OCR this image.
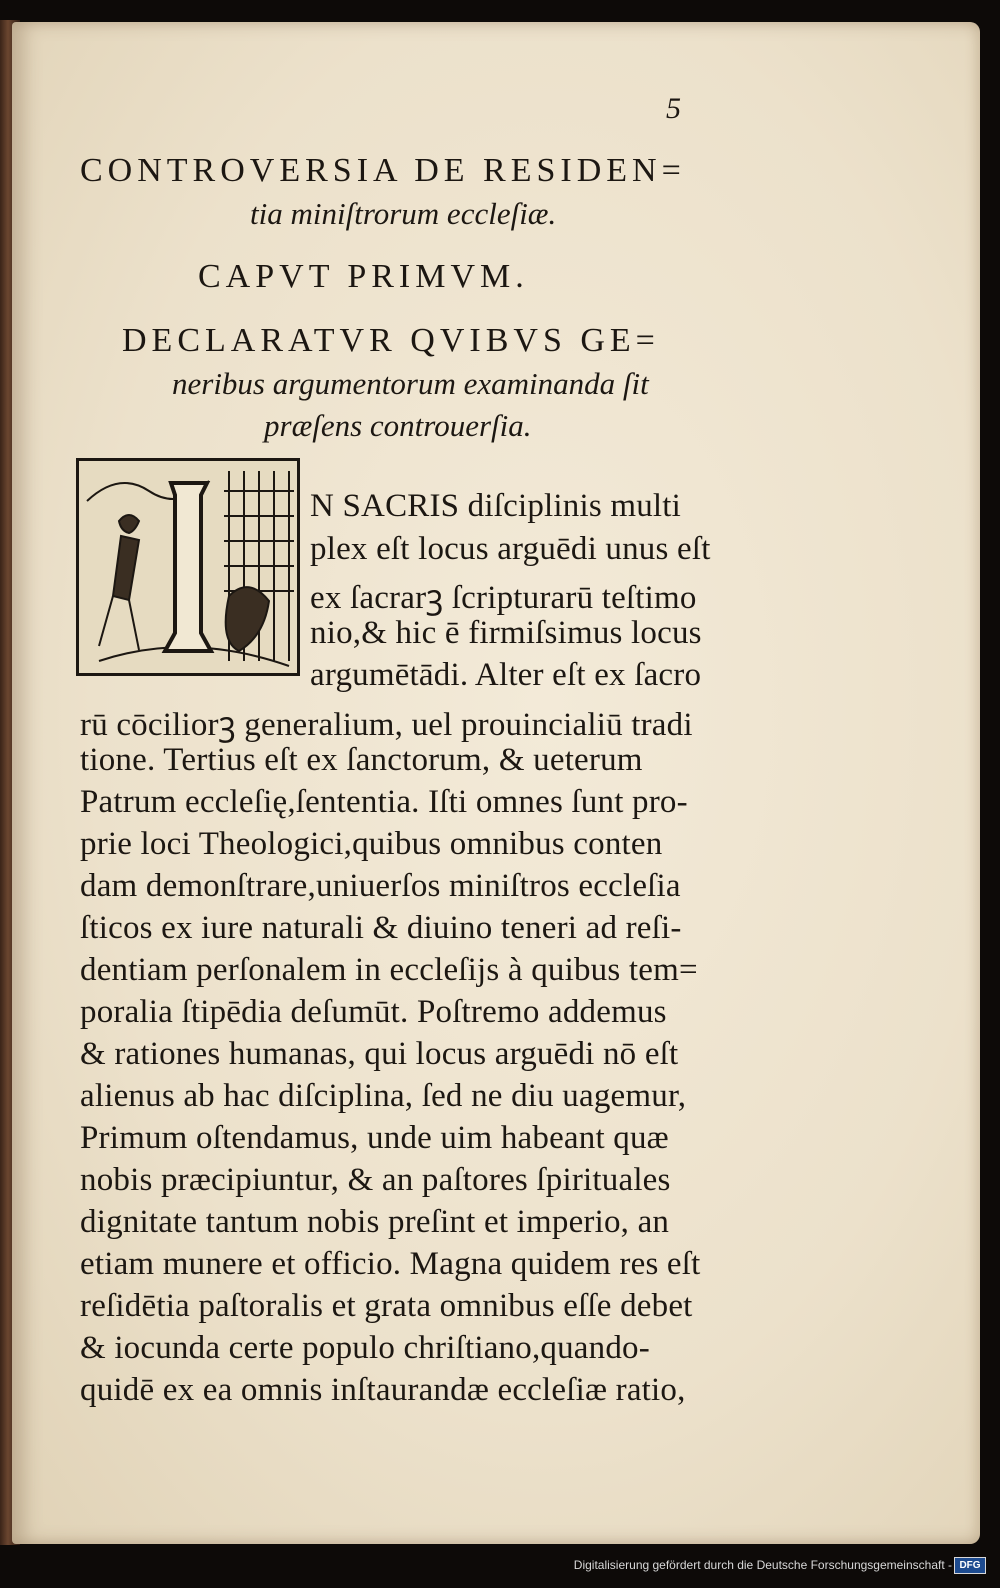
5
CONTROVERSIA DE RESIDEN=
tia miniſtrorum eccleſiæ.
CAPVT PRIMVM.
DECLARATVR QVIBVS GE=
neribus argumentorum examinanda ſit
præſens controuerſia.
N SACRIS diſciplinis multi
plex eſt locus arguēdi unus eſt
ex ſacrarꝫ ſcripturarū teſtimo
nio,& hic ē firmiſsimus locus
argumētādi. Alter eſt ex ſacro
rū cōciliorꝫ generalium, uel prouincialiū tradi
tione. Tertius eſt ex ſanctorum, & ueterum
Patrum eccleſię,ſententia. Iſti omnes ſunt pro-
prie loci Theologici,quibus omnibus conten
dam demonſtrare,uniuerſos miniſtros eccleſia
ſticos ex iure naturali & diuino teneri ad reſi-
dentiam perſonalem in eccleſijs à quibus tem=
poralia ſtipēdia deſumūt. Poſtremo addemus
& rationes humanas, qui locus arguēdi nō eſt
alienus ab hac diſciplina, ſed ne diu uagemur,
Primum oſtendamus, unde uim habeant quæ
nobis præcipiuntur, & an paſtores ſpirituales
dignitate tantum nobis preſint et imperio, an
etiam munere et officio. Magna quidem res eſt
reſidētia paſtoralis et grata omnibus eſſe debet
& iocunda certe populo chriſtiano,quando-
quidē ex ea omnis inſtaurandæ eccleſiæ ratio,
Digitalisierung gefördert durch die Deutsche Forschungsgemeinschaft - DFG
